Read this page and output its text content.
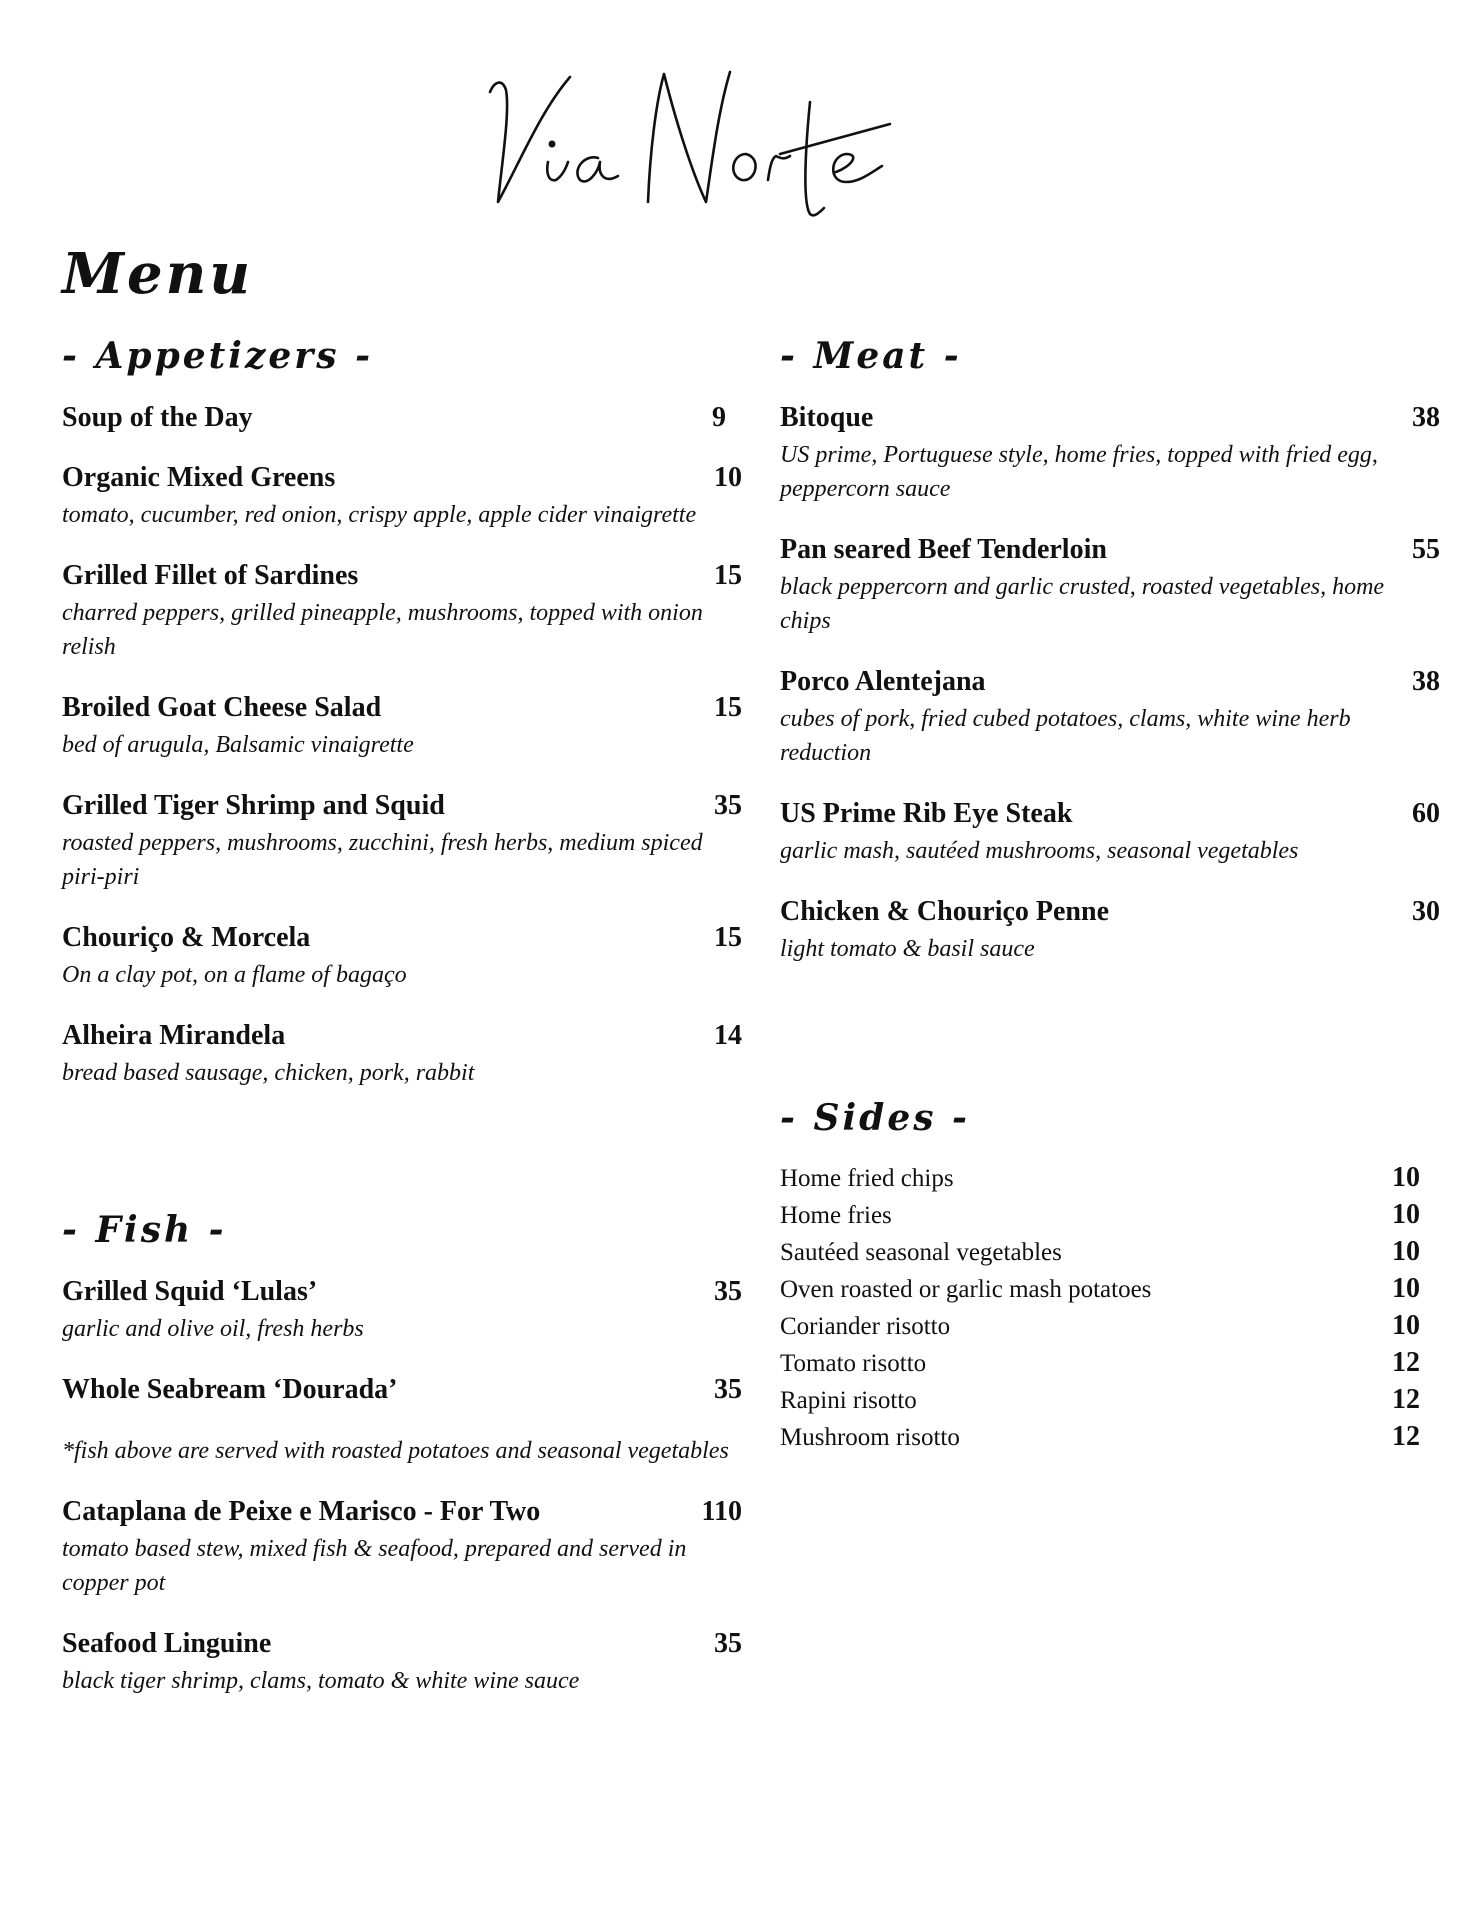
Menu
- Appetizers -
Soup of the Day	9
Organic Mixed Greens	10
tomato, cucumber, red onion, crispy apple, apple cider vinaigrette
Grilled Fillet of Sardines	15
charred peppers, grilled pineapple, mushrooms, topped with onion relish
Broiled Goat Cheese Salad	15
bed of arugula, Balsamic vinaigrette
Grilled Tiger Shrimp and Squid	35
roasted peppers, mushrooms, zucchini, fresh herbs, medium spiced piri-piri
Chouriço & Morcela	15
On a clay pot, on a flame of bagaço
Alheira Mirandela	14
bread based sausage, chicken, pork, rabbit
- Fish -
Grilled Squid ‘Lulas’	35
garlic and olive oil, fresh herbs
Whole Seabream ‘Dourada’	35
*fish above are served with roasted potatoes and seasonal vegetables
Cataplana de Peixe e Marisco - For Two	110
tomato based stew, mixed fish & seafood, prepared and served in copper pot
Seafood Linguine	35
black tiger shrimp, clams, tomato & white wine sauce
- Meat -
Bitoque	38
US prime, Portuguese style, home fries, topped with fried egg, peppercorn sauce
Pan seared Beef Tenderloin	55
black peppercorn and garlic crusted, roasted vegetables, home chips
Porco Alentejana	38
cubes of pork, fried cubed potatoes, clams, white wine herb reduction
US Prime Rib Eye Steak	60
garlic mash, sautéed mushrooms, seasonal vegetables
Chicken & Chouriço Penne	30
light tomato & basil sauce
- Sides -
Home fried chips	10
Home fries	10
Sautéed seasonal vegetables	10
Oven roasted or garlic mash potatoes	10
Coriander risotto	10
Tomato risotto	12
Rapini risotto	12
Mushroom risotto	12
